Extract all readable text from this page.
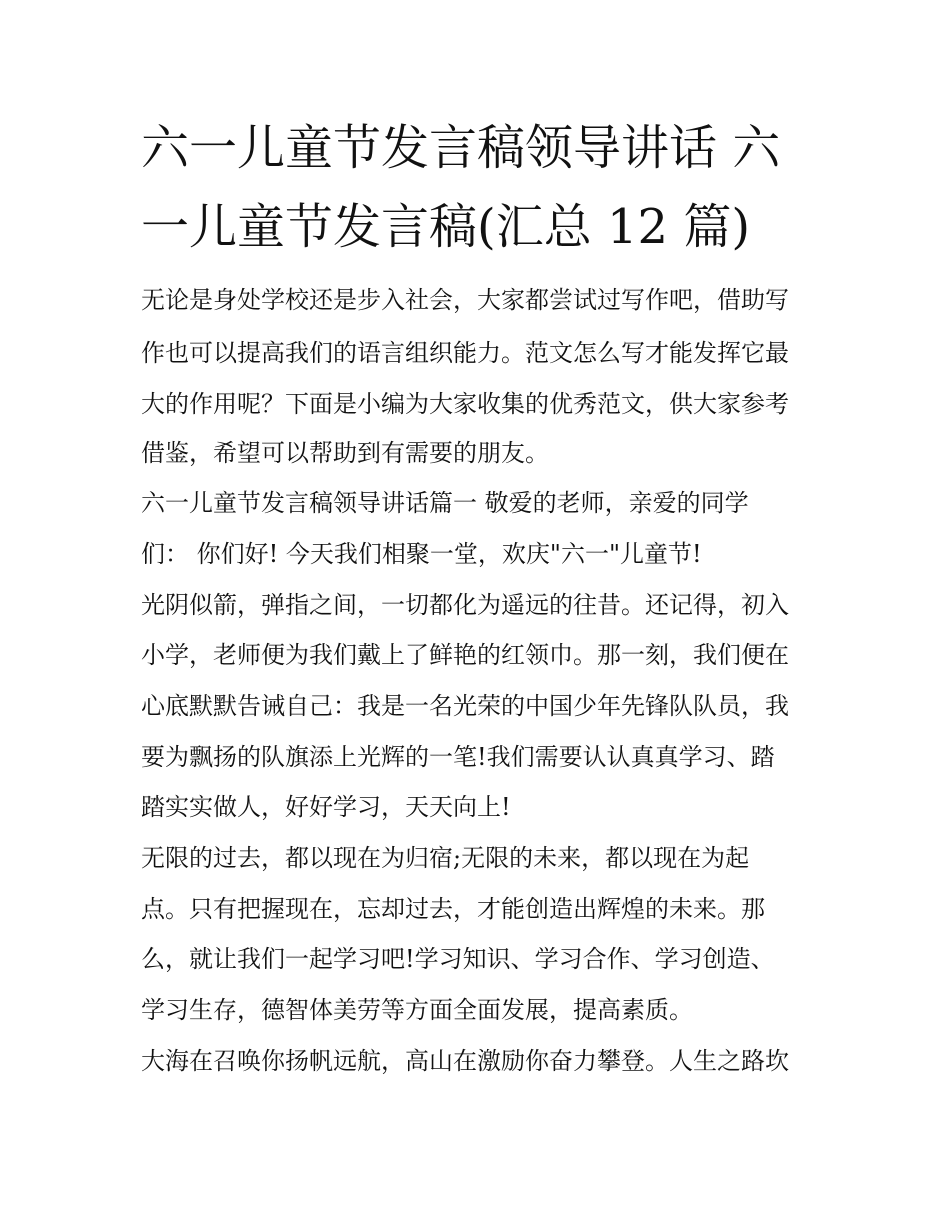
六一儿童节发言稿领导讲话 六
一儿童节发言稿(汇总 12 篇)
无论是身处学校还是步入社会，大家都尝试过写作吧，借助写
作也可以提高我们的语言组织能力。范文怎么写才能发挥它最
大的作用呢？下面是小编为大家收集的优秀范文，供大家参考
借鉴，希望可以帮助到有需要的朋友。
六一儿童节发言稿领导讲话篇一 敬爱的老师，亲爱的同学
们： 你们好! 今天我们相聚一堂，欢庆"六一"儿童节!
光阴似箭，弹指之间，一切都化为遥远的往昔。还记得，初入
小学，老师便为我们戴上了鲜艳的红领巾。那一刻，我们便在
心底默默告诫自己：我是一名光荣的中国少年先锋队队员，我
要为飘扬的队旗添上光辉的一笔!我们需要认认真真学习、踏
踏实实做人，好好学习，天天向上!
无限的过去，都以现在为归宿;无限的未来，都以现在为起
点。只有把握现在，忘却过去，才能创造出辉煌的未来。那
么，就让我们一起学习吧!学习知识、学习合作、学习创造、
学习生存，德智体美劳等方面全面发展，提高素质。
大海在召唤你扬帆远航，高山在激励你奋力攀登。人生之路坎
